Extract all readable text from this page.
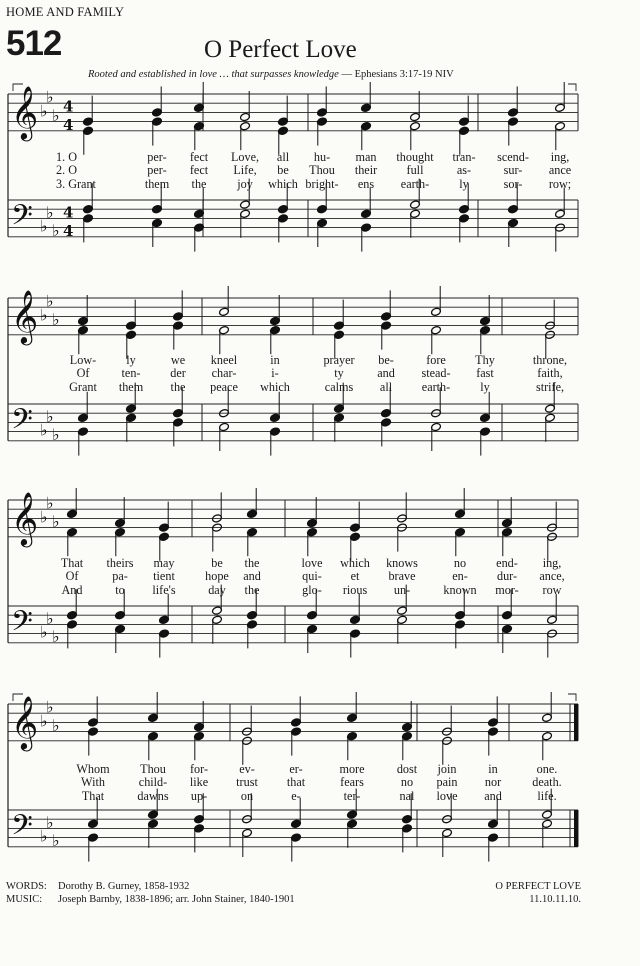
HOME AND FAMILY
512	O Perfect Love
Rooted and established in love … that surpasses knowledge — Ephesians 3:17-19 NIV
𝄞 ♭
♭
♭ 4
4
𝄢 ♭
♭
♭
4
4
𝄞 ♭
♭
♭
𝄢 ♭
♭
♭
𝄞 ♭
♭
♭
𝄢 ♭
♭
♭
𝄞 ♭
♭
♭
𝄢 ♭
♭
♭
1. O	per- fect Love, all hu- man thought tran- scend- ing,
2. O	per- fect Life, be Thou their full	as-	sur- ance
3. Grant	them the	joy which bright- ens earth- ly	sor- row;
Low- ly	we kneel	in	prayer be-	fore Thy	throne,
Of	ten- der char-	i-	ty	and stead- fast	faith,
Grant them the peace which	calms all earth- ly	strife,
That theirs may	be the	love which knows	no end- ing,
Of	pa- tient hope and	qui- et brave	en- dur- ance,
And	to life's	day the	glo- rious un-	known mor- row
Whom	Thou for-	ev-	er-	more	dost join	in	one.
With	child- like trust that	fears	no pain nor	death.
That	dawns up-	on	e-	ter-	nal love and	life.
WORDS: Dorothy B. Gurney, 1858-1932
MUSIC: Joseph Barnby, 1838-1896; arr. John Stainer, 1840-1901
O PERFECT LOVE
11.10.11.10.
